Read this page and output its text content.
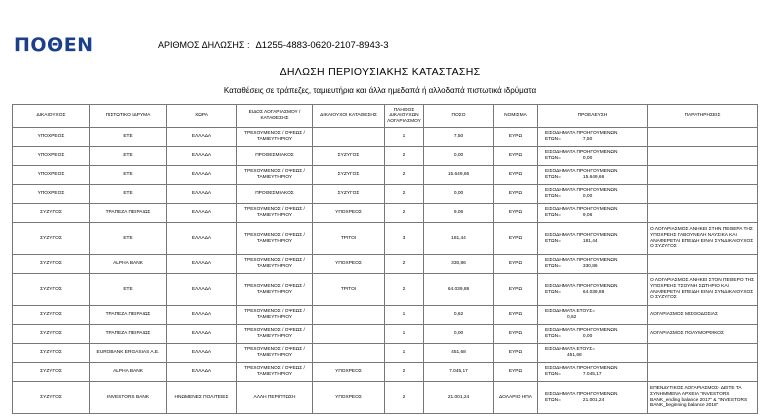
ΠΟΘΕΝ	ΑΡΙΘΜΟΣ ΔΗΛΩΣΗΣ : Δ1255-4883-0620-2107-8943-3
ΔΗΛΩΣΗ ΠΕΡΙΟΥΣΙΑΚΗΣ ΚΑΤΑΣΤΑΣΗΣ
Καταθέσεις σε τράπεζες, ταμιευτήρια και άλλα ημεδαπά ή αλλοδαπά πιστωτικά ιδρύματα
ΔΙΚΑΙΟΥΧΟΣ	ΠΙΣΤΩΤΙΚΟ ΙΔΡΥΜΑ	ΧΩΡΑ	ΕΙΔΟΣ ΛΟΓΑΡΙΑΣΜΟΥ / ΚΑΤΑΘΕΣΗΣ	ΔΙΚΑΙΟΥΧΟΙ ΚΑΤΑΘΕΣΗΣ	ΠΛΗΘΟΣ ΔΙΚΑΙΟΥΧΩΝ ΛΟΓΑΡΙΑΣΜΟΥ	ΠΟΣΟ	ΝΟΜΙΣΜΑ	ΠΡΟΕΛΕΥΣΗ	ΠΑΡΑΤΗΡΗΣΕΙΣ
ΥΠΟΧΡΕΟΣ	ΕΤΕ	ΕΛΛΑΔΑ	ΤΡΕΧΟΥΜΕΝΟΣ / ΟΨΕΩΣ / ΤΑΜΙΕΥΤΗΡΙΟΥ		1	7,50	ΕΥΡΩ	ΕΙΣΟΔΗΜΑΤΑ ΠΡΟΗΓΟΥΜΕΝΩΝ
ΕΤΩΝ= 7,50	

ΥΠΟΧΡΕΟΣ	ΕΤΕ	ΕΛΛΑΔΑ	ΠΡΟΘΕΣΜΙΑΚΟΣ	ΣΥΖΥΓΟΣ	2	0,00	ΕΥΡΩ	ΕΙΣΟΔΗΜΑΤΑ ΠΡΟΗΓΟΥΜΕΝΩΝ
ΕΤΩΝ= 0,00	

ΥΠΟΧΡΕΟΣ	ΕΤΕ	ΕΛΛΑΔΑ	ΤΡΕΧΟΥΜΕΝΟΣ / ΟΨΕΩΣ / ΤΑΜΙΕΥΤΗΡΙΟΥ	ΣΥΖΥΓΟΣ	2	15.649,66	ΕΥΡΩ	ΕΙΣΟΔΗΜΑΤΑ ΠΡΟΗΓΟΥΜΕΝΩΝ
ΕΤΩΝ= 15.649,66	

ΥΠΟΧΡΕΟΣ	ΕΤΕ	ΕΛΛΑΔΑ	ΠΡΟΘΕΣΜΙΑΚΟΣ	ΣΥΖΥΓΟΣ	2	0,00	ΕΥΡΩ	ΕΙΣΟΔΗΜΑΤΑ ΠΡΟΗΓΟΥΜΕΝΩΝ
ΕΤΩΝ= 0,00	

ΣΥΖΥΓΟΣ	ΤΡΑΠΕΖΑ ΠΕΙΡΑΙΩΣ	ΕΛΛΑΔΑ	ΤΡΕΧΟΥΜΕΝΟΣ / ΟΨΕΩΣ / ΤΑΜΙΕΥΤΗΡΙΟΥ	ΥΠΟΧΡΕΟΣ	2	9,06	ΕΥΡΩ	ΕΙΣΟΔΗΜΑΤΑ ΠΡΟΗΓΟΥΜΕΝΩΝ
ΕΤΩΝ= 9,06	

ΣΥΖΥΓΟΣ	ΕΤΕ	ΕΛΛΑΔΑ	ΤΡΕΧΟΥΜΕΝΟΣ / ΟΨΕΩΣ / ΤΑΜΙΕΥΤΗΡΙΟΥ	ΤΡΙΤΟΙ	3	181,44	ΕΥΡΩ	ΕΙΣΟΔΗΜΑΤΑ ΠΡΟΗΓΟΥΜΕΝΩΝ
ΕΤΩΝ= 181,44	Ο ΛΟΓΑΡΙΑΣΜΟΣ ΑΝΗΚΕΙ ΣΤΗΝ ΠΕΘΕΡΑ ΤΗΣ ΥΠΟΧΡΕΗΣ ΓΑΒΟΥΝΕΛΗ ΝΑΥΣΙΚΑ ΚΑΙ ΑΝΑΦΕΡΕΤΑΙ ΕΠΕΙΔΗ ΕΙΝΑΙ ΣΥΝΔΙΚΑΙΟΥΧΟΣ Ο ΣΥΖΥΓΟΣ
ΣΥΖΥΓΟΣ	ALPHA BANK	ΕΛΛΑΔΑ	ΤΡΕΧΟΥΜΕΝΟΣ / ΟΨΕΩΣ / ΤΑΜΙΕΥΤΗΡΙΟΥ	ΥΠΟΧΡΕΟΣ	2	330,86	ΕΥΡΩ	ΕΙΣΟΔΗΜΑΤΑ ΠΡΟΗΓΟΥΜΕΝΩΝ
ΕΤΩΝ= 330,86	

ΣΥΖΥΓΟΣ	ΕΤΕ	ΕΛΛΑΔΑ	ΤΡΕΧΟΥΜΕΝΟΣ / ΟΨΕΩΣ / ΤΑΜΙΕΥΤΗΡΙΟΥ	ΤΡΙΤΟΙ	2	64.039,88	ΕΥΡΩ	ΕΙΣΟΔΗΜΑΤΑ ΠΡΟΗΓΟΥΜΕΝΩΝ
ΕΤΩΝ= 64.039,88	Ο ΛΟΓΑΡΙΑΣΜΟΣ ΑΝΗΚΕΙ ΣΤΟΝ ΠΕΘΕΡΟ ΤΗΣ ΥΠΟΧΡΕΗΣ ΤΣΟΥΝΗ ΣΩΤΗΡΙΟ ΚΑΙ ΑΝΑΦΕΡΕΤΑΙ ΕΠΕΙΔΗ ΕΙΝΑΙ ΣΥΝΔΙΚΑΙΟΥΧΟΣ Ο ΣΥΖΥΓΟΣ
ΣΥΖΥΓΟΣ	ΤΡΑΠΕΖΑ ΠΕΙΡΑΙΩΣ	ΕΛΛΑΔΑ	ΤΡΕΧΟΥΜΕΝΟΣ / ΟΨΕΩΣ / ΤΑΜΙΕΥΤΗΡΙΟΥ		1	0,62	ΕΥΡΩ	ΕΙΣΟΔΗΜΑΤΑ ΕΤΟΥΣ=
0,62	ΛΟΓΑΡΙΑΣΜΟΣ ΜΙΣΘΟΔΟΣΙΑΣ
ΣΥΖΥΓΟΣ	ΤΡΑΠΕΖΑ ΠΕΙΡΑΙΩΣ	ΕΛΛΑΔΑ	ΤΡΕΧΟΥΜΕΝΟΣ / ΟΨΕΩΣ / ΤΑΜΙΕΥΤΗΡΙΟΥ		1	0,00	ΕΥΡΩ	ΕΙΣΟΔΗΜΑΤΑ ΠΡΟΗΓΟΥΜΕΝΩΝ
ΕΤΩΝ= 0,00	ΛΟΓΑΡΙΑΣΜΟΣ ΠΟΛΥΜΟΡΦΙΚΟΣ
ΣΥΖΥΓΟΣ	EUROBANK ERGASIAS A.E.	ΕΛΛΑΔΑ	ΤΡΕΧΟΥΜΕΝΟΣ / ΟΨΕΩΣ / ΤΑΜΙΕΥΤΗΡΙΟΥ		1	451,68	ΕΥΡΩ	ΕΙΣΟΔΗΜΑΤΑ ΕΤΟΥΣ=
451,68	

ΣΥΖΥΓΟΣ	ALPHA BANK	ΕΛΛΑΔΑ	ΤΡΕΧΟΥΜΕΝΟΣ / ΟΨΕΩΣ / ΤΑΜΙΕΥΤΗΡΙΟΥ	ΥΠΟΧΡΕΟΣ	2	7.045,17	ΕΥΡΩ	ΕΙΣΟΔΗΜΑΤΑ ΠΡΟΗΓΟΥΜΕΝΩΝ
ΕΤΩΝ= 7.045,17	

ΣΥΖΥΓΟΣ	INVESTORS BANK	ΗΝΩΜΕΝΕΣ ΠΟΛΙΤΕΙΕΣ	ΑΛΛΗ ΠΕΡΙΠΤΩΣΗ	ΥΠΟΧΡΕΟΣ	2	21.001,24	ΔΟΛΑΡΙΟ ΗΠΑ	ΕΙΣΟΔΗΜΑΤΑ ΠΡΟΗΓΟΥΜΕΝΩΝ
ΕΤΩΝ= 21.001,24	ΕΠΕΝΔΥΤΙΚΟΣ ΛΟΓΑΡΙΑΣΜΟΣ- ΔΕΙΤΕ ΤΑ ΣΥΝΗΜΜΕΝΑ ΑΡΧΕΙΑ "INVESTORS BANK_ending balance 2017" & "INVESTORS BANK_beginning balance 2018"
